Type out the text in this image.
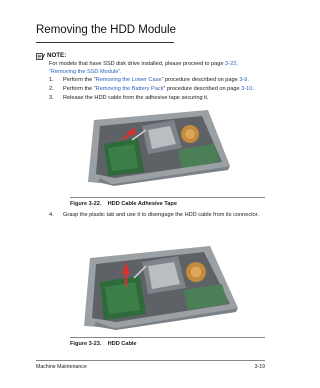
Removing the HDD Module
NOTE:
For models that have SSD disk drive installed, please proceed to page 3-22, “Removing the SSD Module”.
1. Perform the “Removing the Lower Case” procedure described on page 3-9.
2. Perform the “Removing the Battery Pack” procedure described on page 3-10.
3. Release the HDD cable from the adhesive tape securing it.
Figure 3-22. HDD Cable Adhesive Tape
4. Grasp the plastic tab and use it to disengage the HDD cable from its connector.
Figure 3-23. HDD Cable
Machine Maintenance	3-19
